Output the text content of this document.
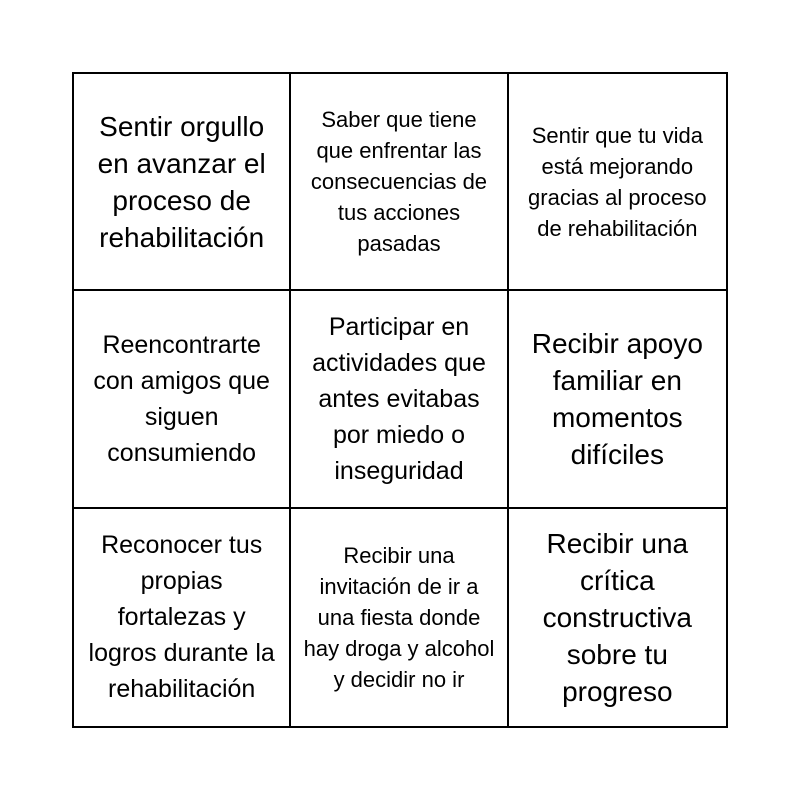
Sentir orgullo en avanzar el proceso de rehabilitación
Saber que tiene que enfrentar las consecuencias de tus acciones pasadas
Sentir que tu vida está mejorando gracias al proceso de rehabilitación
Reencontrarte con amigos que siguen consumiendo
Participar en actividades que antes evitabas por miedo o inseguridad
Recibir apoyo familiar en momentos difíciles
Reconocer tus propias fortalezas y logros durante la rehabilitación
Recibir una invitación de ir a una fiesta donde hay droga y alcohol y decidir no ir
Recibir una crítica constructiva sobre tu progreso
